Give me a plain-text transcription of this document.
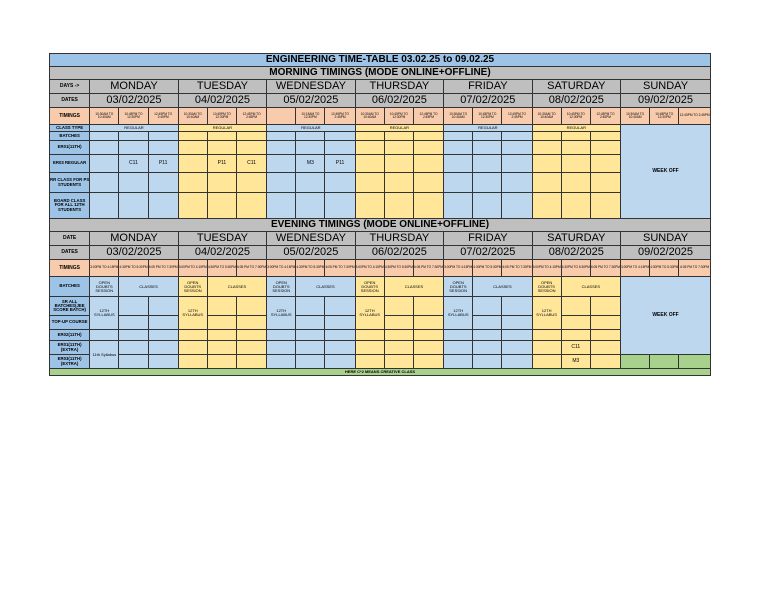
ENGINEERING TIME-TABLE 03.02.25 to 09.02.25																					
MORNING TIMINGS (MODE ONLINE+OFFLINE)																					
DAYS ->	MONDAY			TUESDAY			WEDNESDAY			THURSDAY			FRIDAY			SATURDAY			SUNDAY		
DATES	03/02/2025			04/02/2025			05/02/2025			06/02/2025			07/02/2025			08/02/2025			09/02/2025		
TIMINGS	10:30AM TO 10:40AM	10:45PM TO 12:30PM	12:45PM TO 2:45PM	10:30AM TO 10:40AM	10:45PM TO 12:30PM	12:45PM TO 2:45PM		10:15AM TO 12:30PM	12:45PM TO 2:45PM	10:30AM TO 10:40AM	10:45PM TO 12:30PM	12:45PM TO 2:45PM	10:30AM TO 10:40AM	10:45PM TO 12:30PM	12:45PM TO 2:45PM	10:30AM TO 10:40AM	10:45PM TO 12:30PM	12:45PM TO 2:45PM	10:30AM TO 10:40AM	10:45PM TO 12:30PM	12:45PM TO 2:45PM
CLASS TYPE	REGULAR			REGULAR			REGULAR			REGULAR			REGULAR			REGULAR			WEEK OFF		
BATCHES																					
ER01(11TH)																					
ER03 REGULAR		C11	P11		P11	C11		M3	P11												
RR CLASS FOR PS STUDENTS																					
BOARD CLASS FOR ALL 12TH STUDENTS																					
EVENING TIMINGS (MODE ONLINE+OFFLINE)																					
DATE	MONDAY			TUESDAY			WEDNESDAY			THURSDAY			FRIDAY			SATURDAY			SUNDAY		
DATES	03/02/2025			04/02/2025			05/02/2025			06/02/2025			07/02/2025			08/02/2025			09/02/2025		
TIMINGS	3:00PM TO 4:15PM	4:30PM TO 5:30PM	6:05 PM TO 7:30PM	3:00PM TO 4:15PM	4:30PM TO 5:30PM	6:05 PM TO 7:30PM	3:00PM TO 4:15PM	4:30PM TO 5:30PM	6:05 PM TO 7:30PM	3:00PM TO 4:15PM	4:30PM TO 5:30PM	6:05 PM TO 7:30PM	3:00PM TO 4:15PM	4:30PM TO 5:30PM	6:05 PM TO 7:30PM	3:00PM TO 4:15PM	4:30PM TO 5:30PM	6:05 PM TO 7:30PM	3:00PM TO 4:15PM	4:30PM TO 5:30PM	6:05 PM TO 7:30PM
BATCHES	OPEN DOUBTS SESSION	CLASSES		OPEN DOUBTS SESSION	CLASSES		OPEN DOUBTS SESSION	CLASSES		OPEN DOUBTS SESSION	CLASSES		OPEN DOUBTS SESSION	CLASSES		OPEN DOUBTS SESSION	CLASSES		WEEK OFF		
SR ALL BATCHES(JEE SCORE BATCH)	12TH SYLLABUS			12TH SYLLABUS			12TH SYLLABUS			12TH SYLLABUS			12TH SYLLABUS			12TH SYLLABUS					
TOP-UP COURSE																					
ER02(11TH)																					
ER01(11TH)(EXTRA)	11th Syllabus																C11				
ER03(11TH)(EXTRA)																	M3				
HERE C*2 MEANS CREATIVE CLASS																					
